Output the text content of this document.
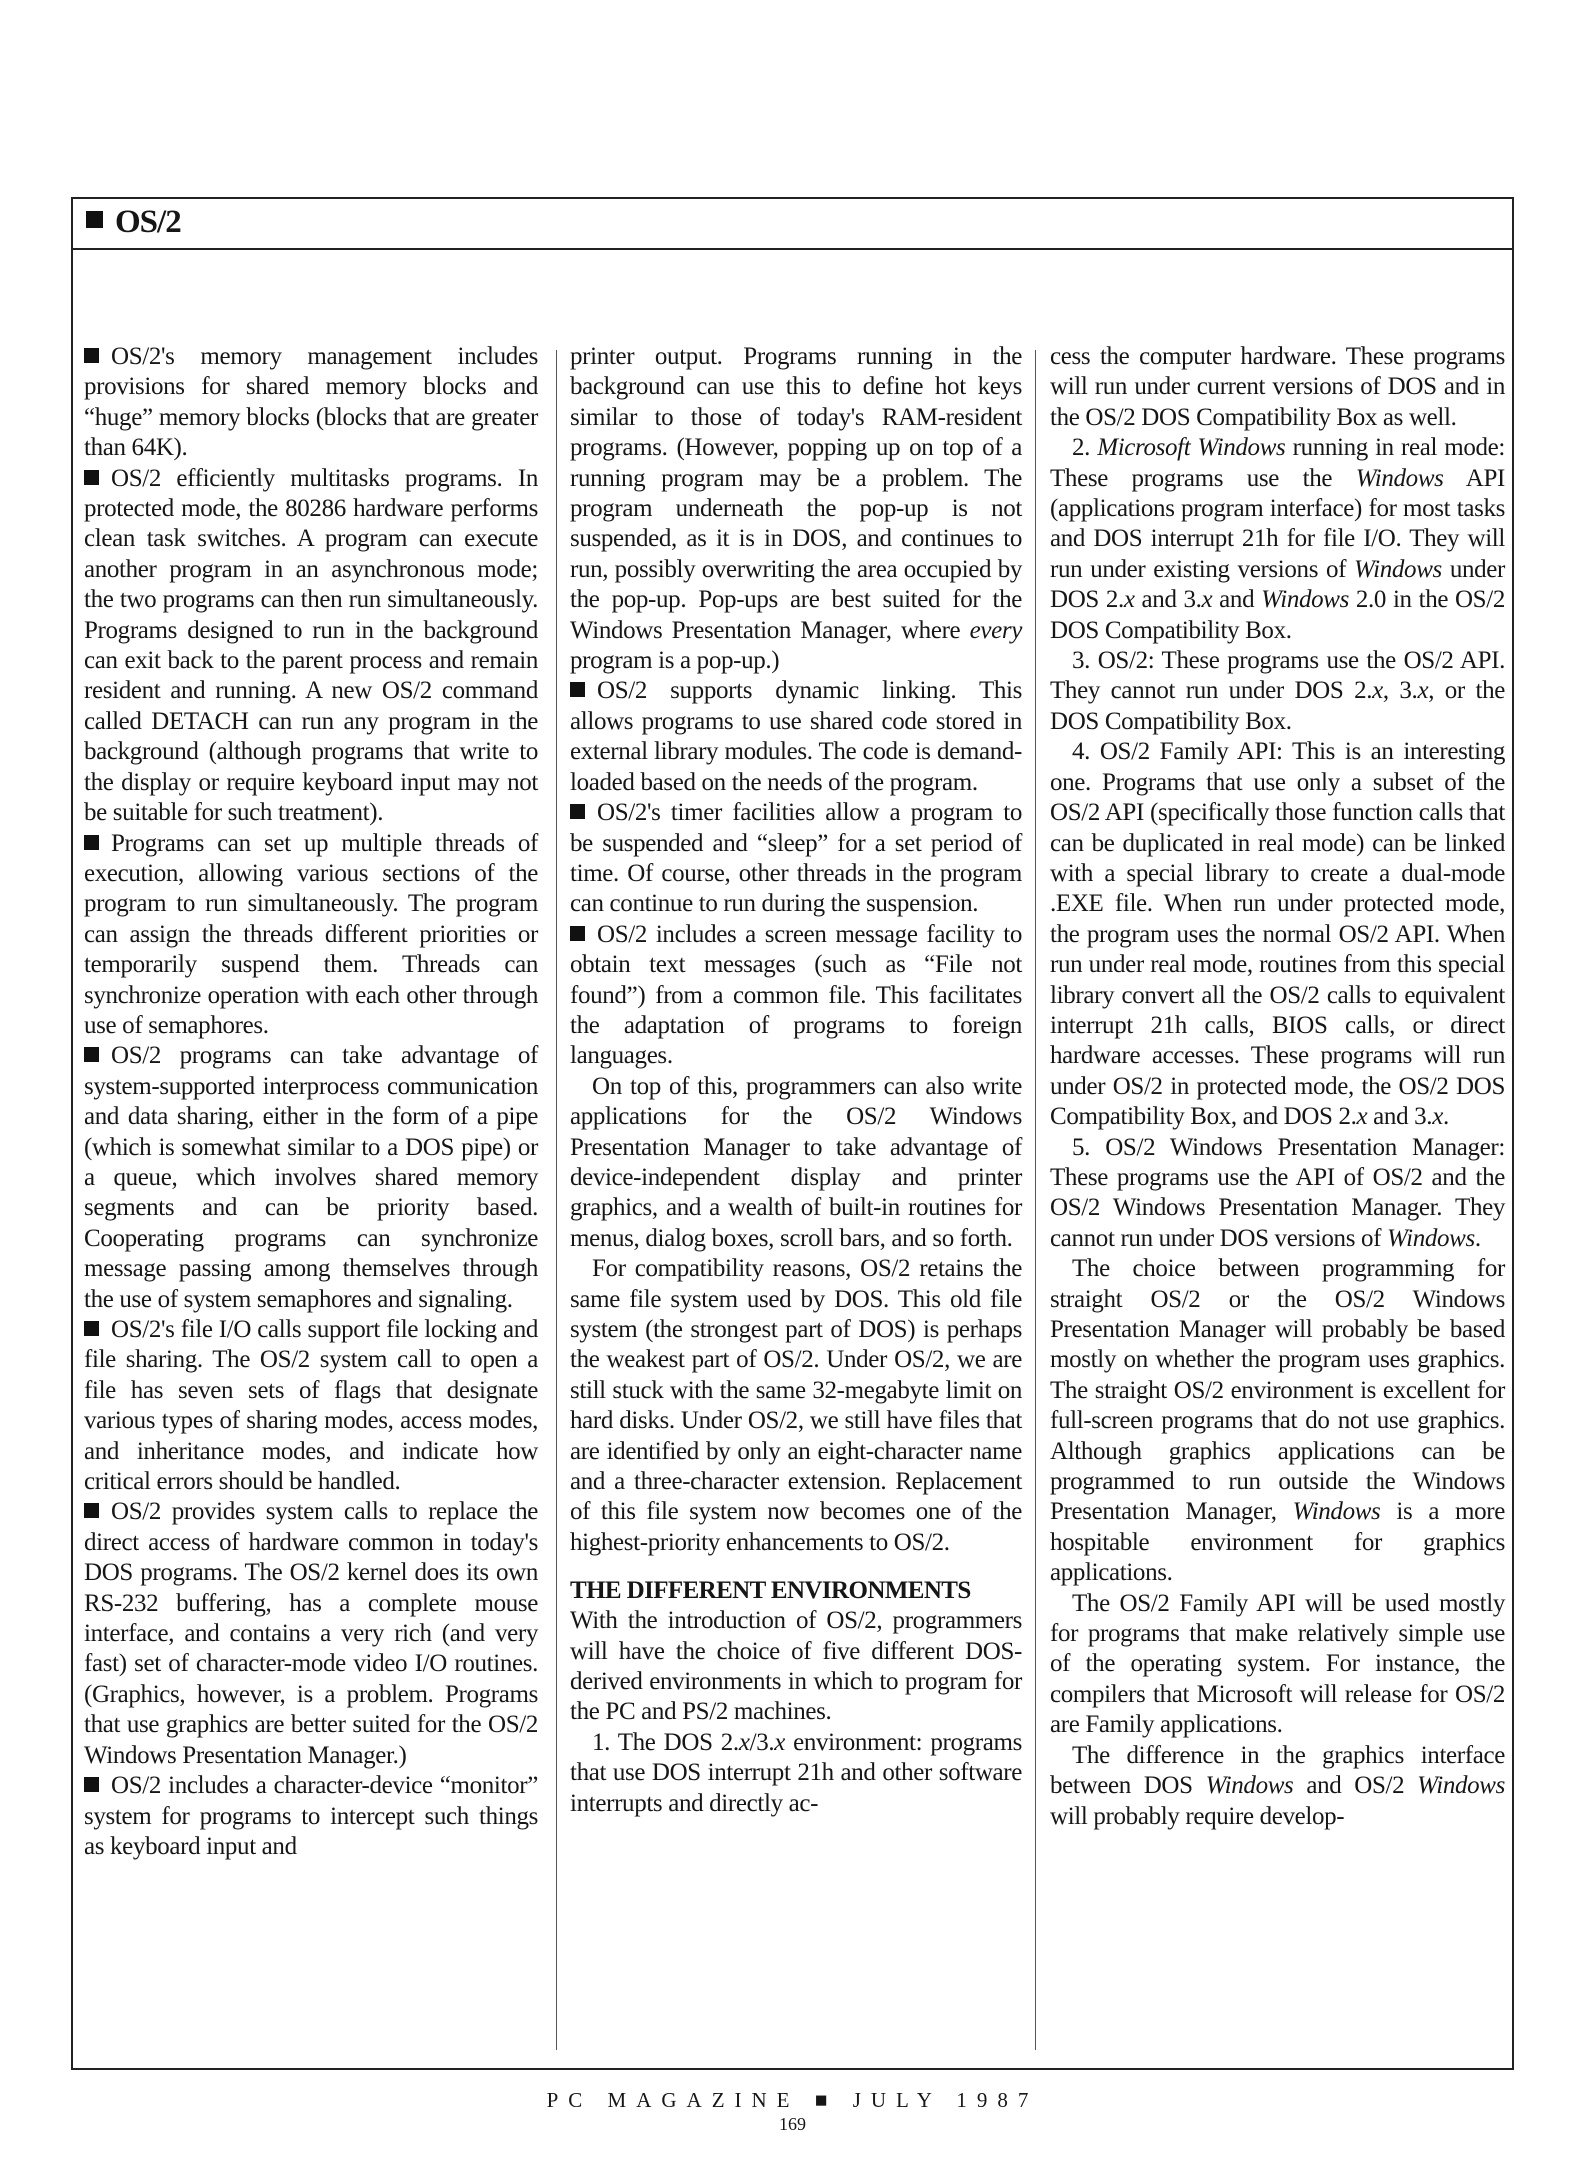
OS/2

OS/2's memory management includes provisions for shared memory blocks and “huge” memory blocks (blocks that are greater than 64K).

OS/2 efficiently multitasks programs. In protected mode, the 80286 hardware performs clean task switches. A program can execute another program in an asynchronous mode; the two programs can then run simultaneously. Programs designed to run in the background can exit back to the parent process and remain resident and running. A new OS/2 command called DETACH can run any program in the background (although programs that write to the display or require keyboard input may not be suitable for such treatment).

Programs can set up multiple threads of execution, allowing various sections of the program to run simultaneously. The program can assign the threads different priorities or temporarily suspend them. Threads can synchronize operation with each other through use of semaphores.

OS/2 programs can take advantage of system-supported interprocess communication and data sharing, either in the form of a pipe (which is somewhat similar to a DOS pipe) or a queue, which involves shared memory segments and can be priority based. Cooperating programs can synchronize message passing among themselves through the use of system semaphores and signaling.

OS/2's file I/O calls support file locking and file sharing. The OS/2 system call to open a file has seven sets of flags that designate various types of sharing modes, access modes, and inheritance modes, and indicate how critical errors should be handled.

OS/2 provides system calls to replace the direct access of hardware common in today's DOS programs. The OS/2 kernel does its own RS-232 buffering, has a complete mouse interface, and contains a very rich (and very fast) set of character-mode video I/O routines. (Graphics, however, is a problem. Programs that use graphics are better suited for the OS/2 Windows Presentation Manager.)

OS/2 includes a character-device “monitor” system for programs to intercept such things as keyboard input and

printer output. Programs running in the background can use this to define hot keys similar to those of today's RAM-resident programs. (However, popping up on top of a running program may be a problem. The program underneath the pop-up is not suspended, as it is in DOS, and continues to run, possibly overwriting the area occupied by the pop-up. Pop-ups are best suited for the Windows Presentation Manager, where every program is a pop-up.)

OS/2 supports dynamic linking. This allows programs to use shared code stored in external library modules. The code is demand-loaded based on the needs of the program.

OS/2's timer facilities allow a program to be suspended and “sleep” for a set period of time. Of course, other threads in the program can continue to run during the suspension.

OS/2 includes a screen message facility to obtain text messages (such as “File not found”) from a common file. This facilitates the adaptation of programs to foreign languages.

On top of this, programmers can also write applications for the OS/2 Windows Presentation Manager to take advantage of device-independent display and printer graphics, and a wealth of built-in routines for menus, dialog boxes, scroll bars, and so forth.

For compatibility reasons, OS/2 retains the same file system used by DOS. This old file system (the strongest part of DOS) is perhaps the weakest part of OS/2. Under OS/2, we are still stuck with the same 32-megabyte limit on hard disks. Under OS/2, we still have files that are identified by only an eight-character name and a three-character extension. Replacement of this file system now becomes one of the highest-priority enhancements to OS/2.

THE DIFFERENT ENVIRONMENTS

With the introduction of OS/2, programmers will have the choice of five different DOS-derived environments in which to program for the PC and PS/2 machines.

1. The DOS 2.x/3.x environment: programs that use DOS interrupt 21h and other software interrupts and directly ac-

cess the computer hardware. These programs will run under current versions of DOS and in the OS/2 DOS Compatibility Box as well.

2. Microsoft Windows running in real mode: These programs use the Windows API (applications program interface) for most tasks and DOS interrupt 21h for file I/O. They will run under existing versions of Windows under DOS 2.x and 3.x and Windows 2.0 in the OS/2 DOS Compatibility Box.

3. OS/2: These programs use the OS/2 API. They cannot run under DOS 2.x, 3.x, or the DOS Compatibility Box.

4. OS/2 Family API: This is an interesting one. Programs that use only a subset of the OS/2 API (specifically those function calls that can be duplicated in real mode) can be linked with a special library to create a dual-mode .EXE file. When run under protected mode, the program uses the normal OS/2 API. When run under real mode, routines from this special library convert all the OS/2 calls to equivalent interrupt 21h calls, BIOS calls, or direct hardware accesses. These programs will run under OS/2 in protected mode, the OS/2 DOS Compatibility Box, and DOS 2.x and 3.x.

5. OS/2 Windows Presentation Manager: These programs use the API of OS/2 and the OS/2 Windows Presentation Manager. They cannot run under DOS versions of Windows.

The choice between programming for straight OS/2 or the OS/2 Windows Presentation Manager will probably be based mostly on whether the program uses graphics. The straight OS/2 environment is excellent for full-screen programs that do not use graphics. Although graphics applications can be programmed to run outside the Windows Presentation Manager, Windows is a more hospitable environment for graphics applications.

The OS/2 Family API will be used mostly for programs that make relatively simple use of the operating system. For instance, the compilers that Microsoft will release for OS/2 are Family applications.

The difference in the graphics interface between DOS Windows and OS/2 Windows will probably require develop-

PC MAGAZINE ■ JULY 1987
169
